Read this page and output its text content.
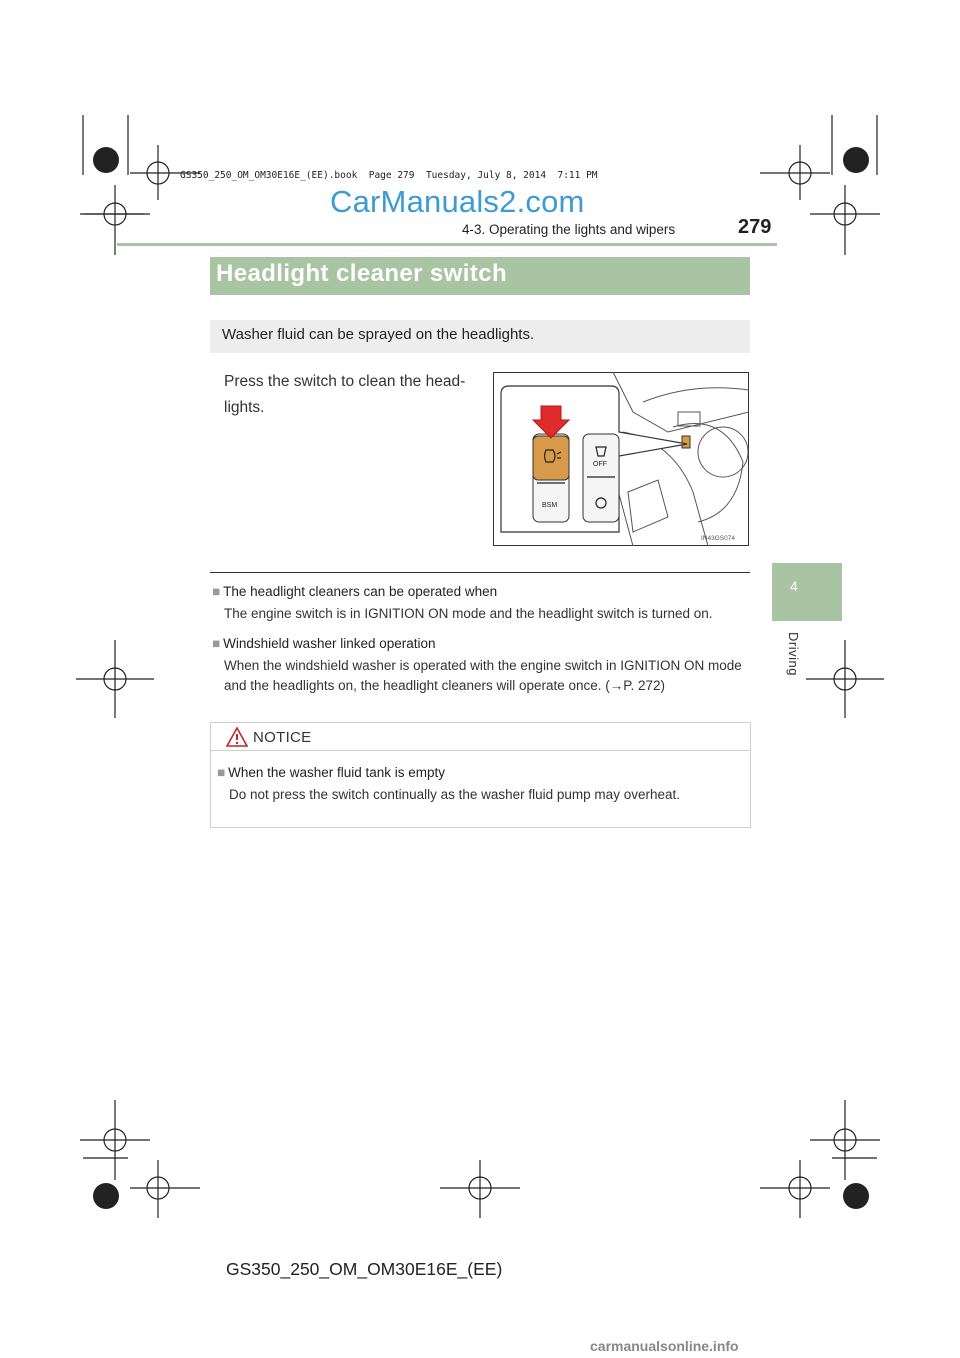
GS350_250_OM_OM30E16E_(EE).book  Page 279  Tuesday, July 8, 2014  7:11 PM
CarManuals2.com
4-3. Operating the lights and wipers	279
4
Driving
Headlight cleaner switch
Washer fluid can be sprayed on the headlights.
Press the switch to clean the head-lights.
OFF
BSM
IN43GS074
■ The headlight cleaners can be operated when
The engine switch is in IGNITION ON mode and the headlight switch is turned on.
■ Windshield washer linked operation
When the windshield washer is operated with the engine switch in IGNITION ON mode and the headlights on, the headlight cleaners will operate once. (→P. 272)
NOTICE
■ When the washer fluid tank is empty
Do not press the switch continually as the washer fluid pump may overheat.
GS350_250_OM_OM30E16E_(EE)
carmanualsonline.info
